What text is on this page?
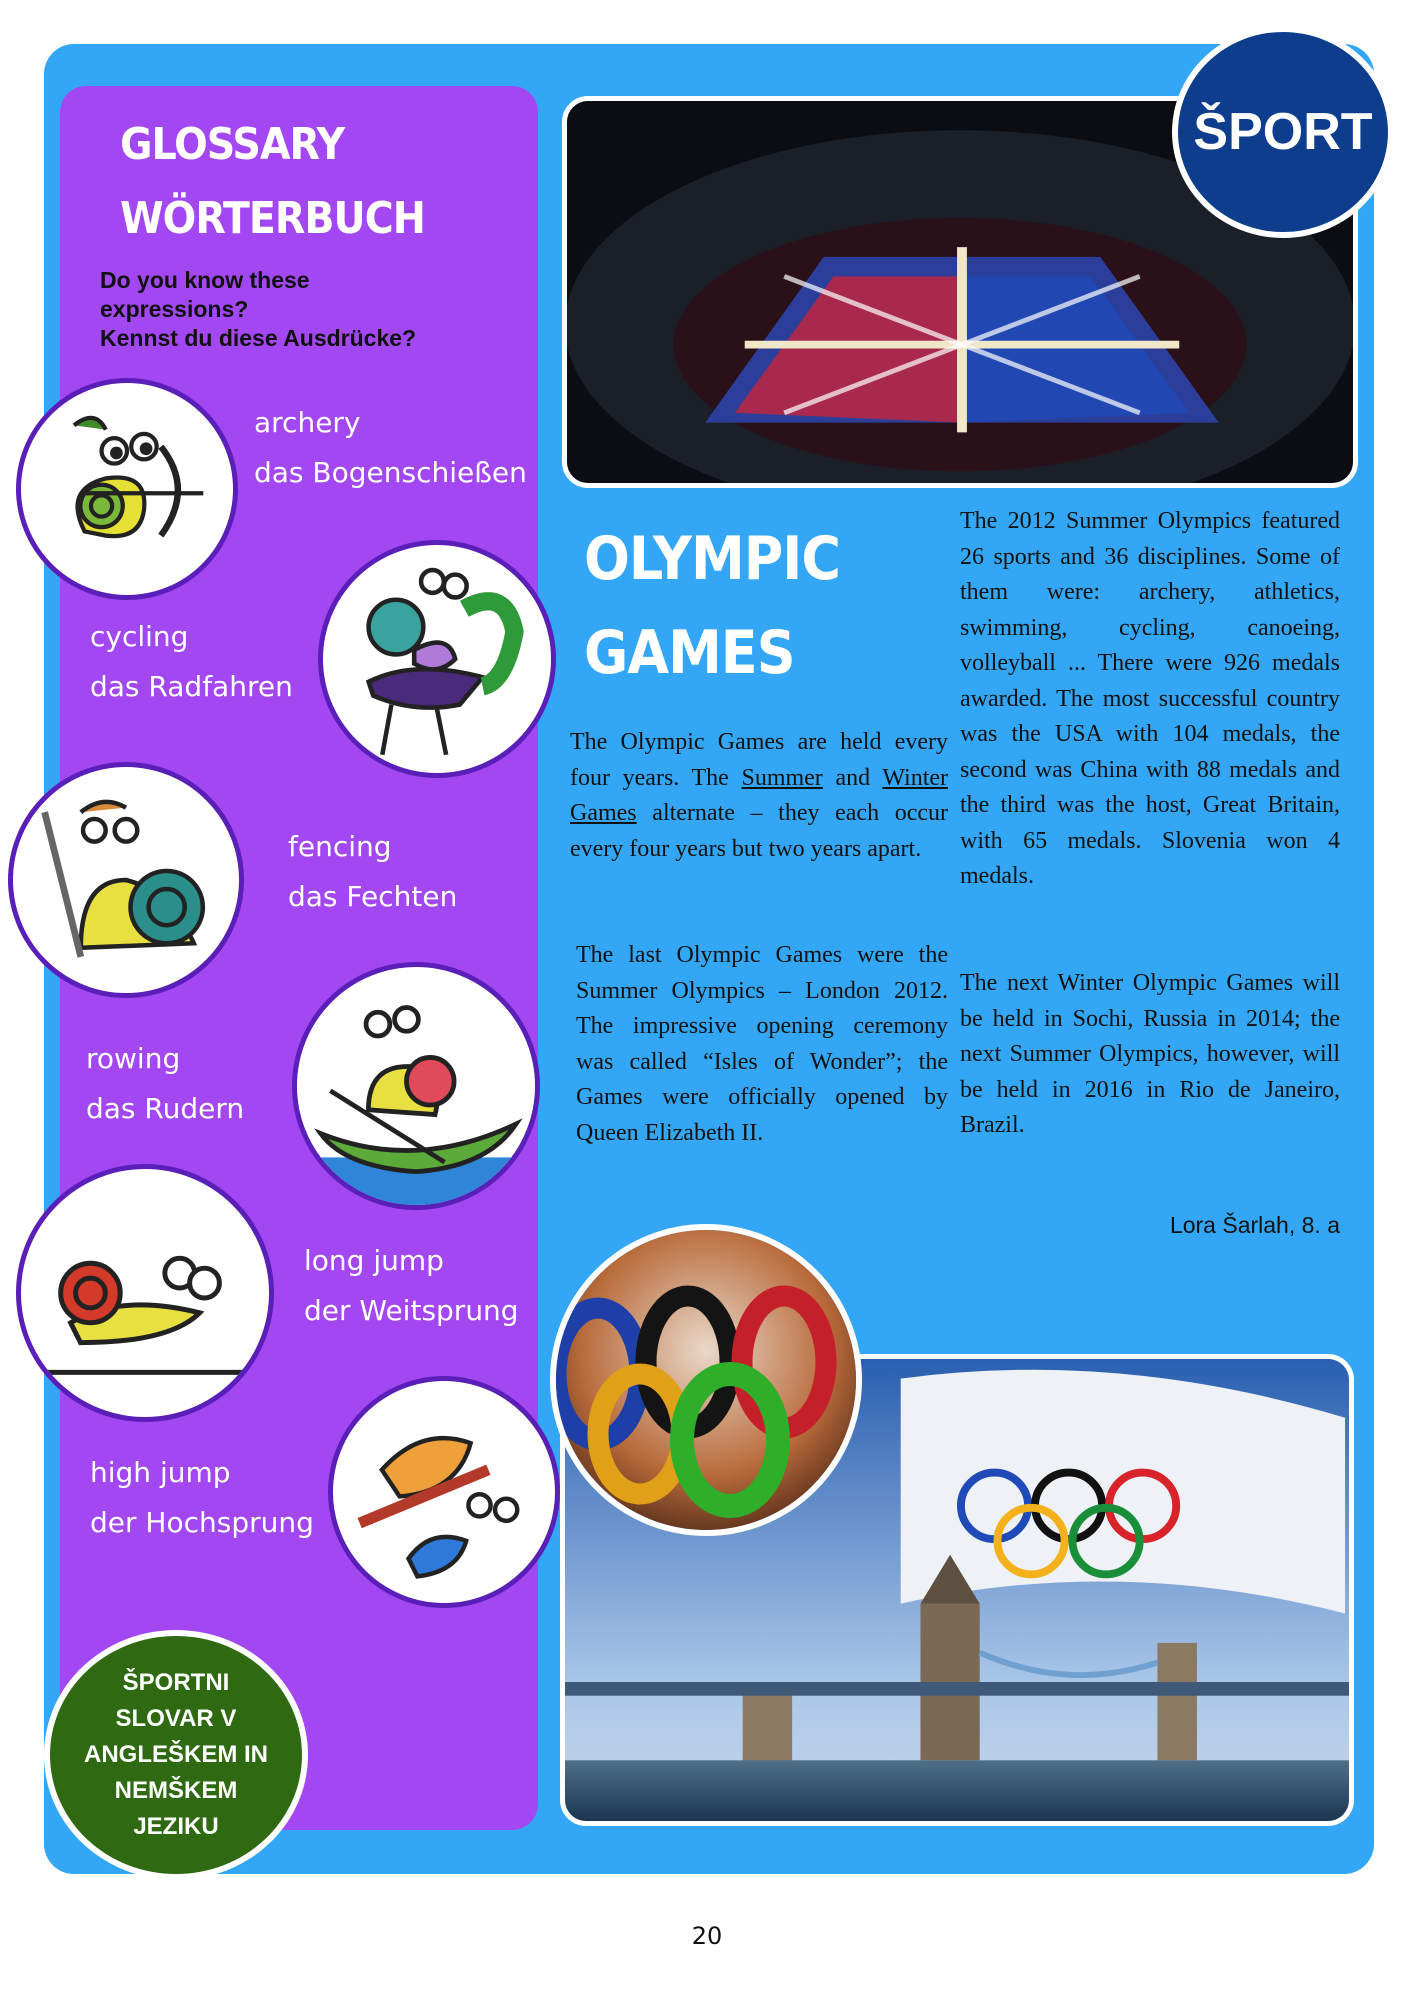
GLOSSARY
WÖRTERBUCH

Do you know these
expressions?
Kennst du diese Ausdrücke?

archery
das Bogenschießen

cycling
das Radfahren

fencing
das Fechten

rowing
das Rudern

long jump
der Weitsprung

high jump
der Hochsprung

ŠPORTNI
SLOVAR V
ANGLEŠKEM IN
NEMŠKEM
JEZIKU
ŠPORT
OLYMPIC
GAMES

The Olympic Games are held every four years. The Summer and Winter Games alternate – they each occur every four years but two years apart.

The last Olympic Games were the Summer Olympics – London 2012. The impressive opening ceremony was called “Isles of Wonder”; the Games were officially opened by Queen Elizabeth II.

The 2012 Summer Olympics featured 26 sports and 36 disciplines. Some of them were: archery, athletics, swimming, cycling, canoeing, volleyball ... There were 926 medals awarded. The most successful country was the USA with 104 medals, the second was China with 88 medals and the third was the host, Great Britain, with 65 medals. Slovenia won 4 medals.

The next Winter Olympic Games will be held in Sochi, Russia in 2014; the next Summer Olympics, however, will be held in 2016 in Rio de Janeiro, Brazil.

Lora Šarlah, 8. a

20
